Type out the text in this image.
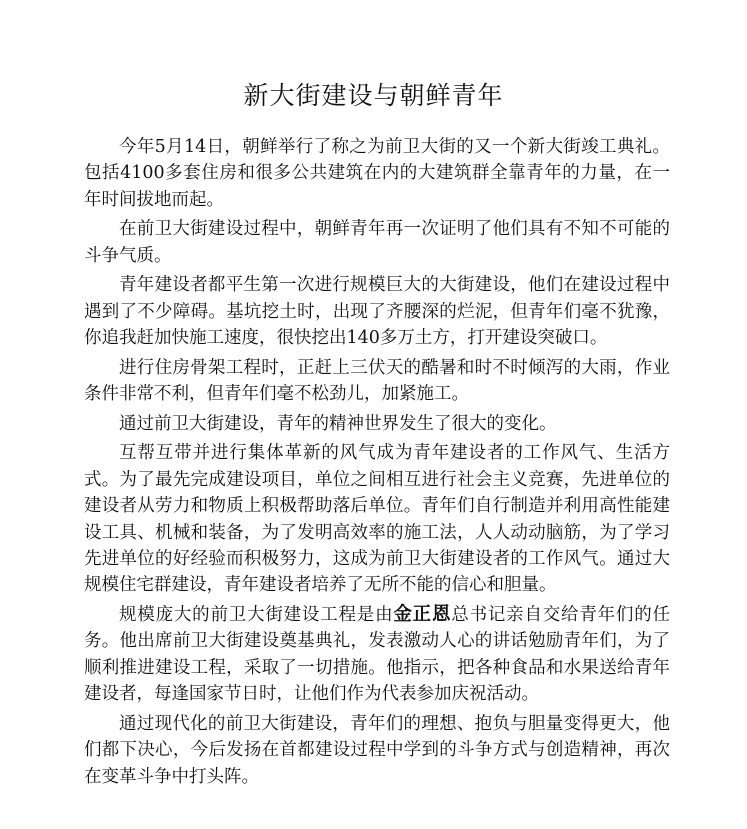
新大街建设与朝鲜青年

今年5月14日，朝鲜举行了称之为前卫大街的又一个新大街竣工典礼。包括4100多套住房和很多公共建筑在内的大建筑群全靠青年的力量，在一年时间拔地而起。

在前卫大街建设过程中，朝鲜青年再一次证明了他们具有不知不可能的斗争气质。

青年建设者都平生第一次进行规模巨大的大街建设，他们在建设过程中遇到了不少障碍。基坑挖土时，出现了齐腰深的烂泥，但青年们毫不犹豫，你追我赶加快施工速度，很快挖出140多万土方，打开建设突破口。

进行住房骨架工程时，正赶上三伏天的酷暑和时不时倾泻的大雨，作业条件非常不利，但青年们毫不松劲儿，加紧施工。

通过前卫大街建设，青年的精神世界发生了很大的变化。

互帮互带并进行集体革新的风气成为青年建设者的工作风气、生活方式。为了最先完成建设项目，单位之间相互进行社会主义竞赛，先进单位的建设者从劳力和物质上积极帮助落后单位。青年们自行制造并利用高性能建设工具、机械和装备，为了发明高效率的施工法，人人动动脑筋，为了学习先进单位的好经验而积极努力，这成为前卫大街建设者的工作风气。通过大规模住宅群建设，青年建设者培养了无所不能的信心和胆量。

规模庞大的前卫大街建设工程是由金正恩总书记亲自交给青年们的任务。他出席前卫大街建设奠基典礼，发表激动人心的讲话勉励青年们，为了顺利推进建设工程，采取了一切措施。他指示，把各种食品和水果送给青年建设者，每逢国家节日时，让他们作为代表参加庆祝活动。

通过现代化的前卫大街建设，青年们的理想、抱负与胆量变得更大，他们都下决心，今后发扬在首都建设过程中学到的斗争方式与创造精神，再次在变革斗争中打头阵。
